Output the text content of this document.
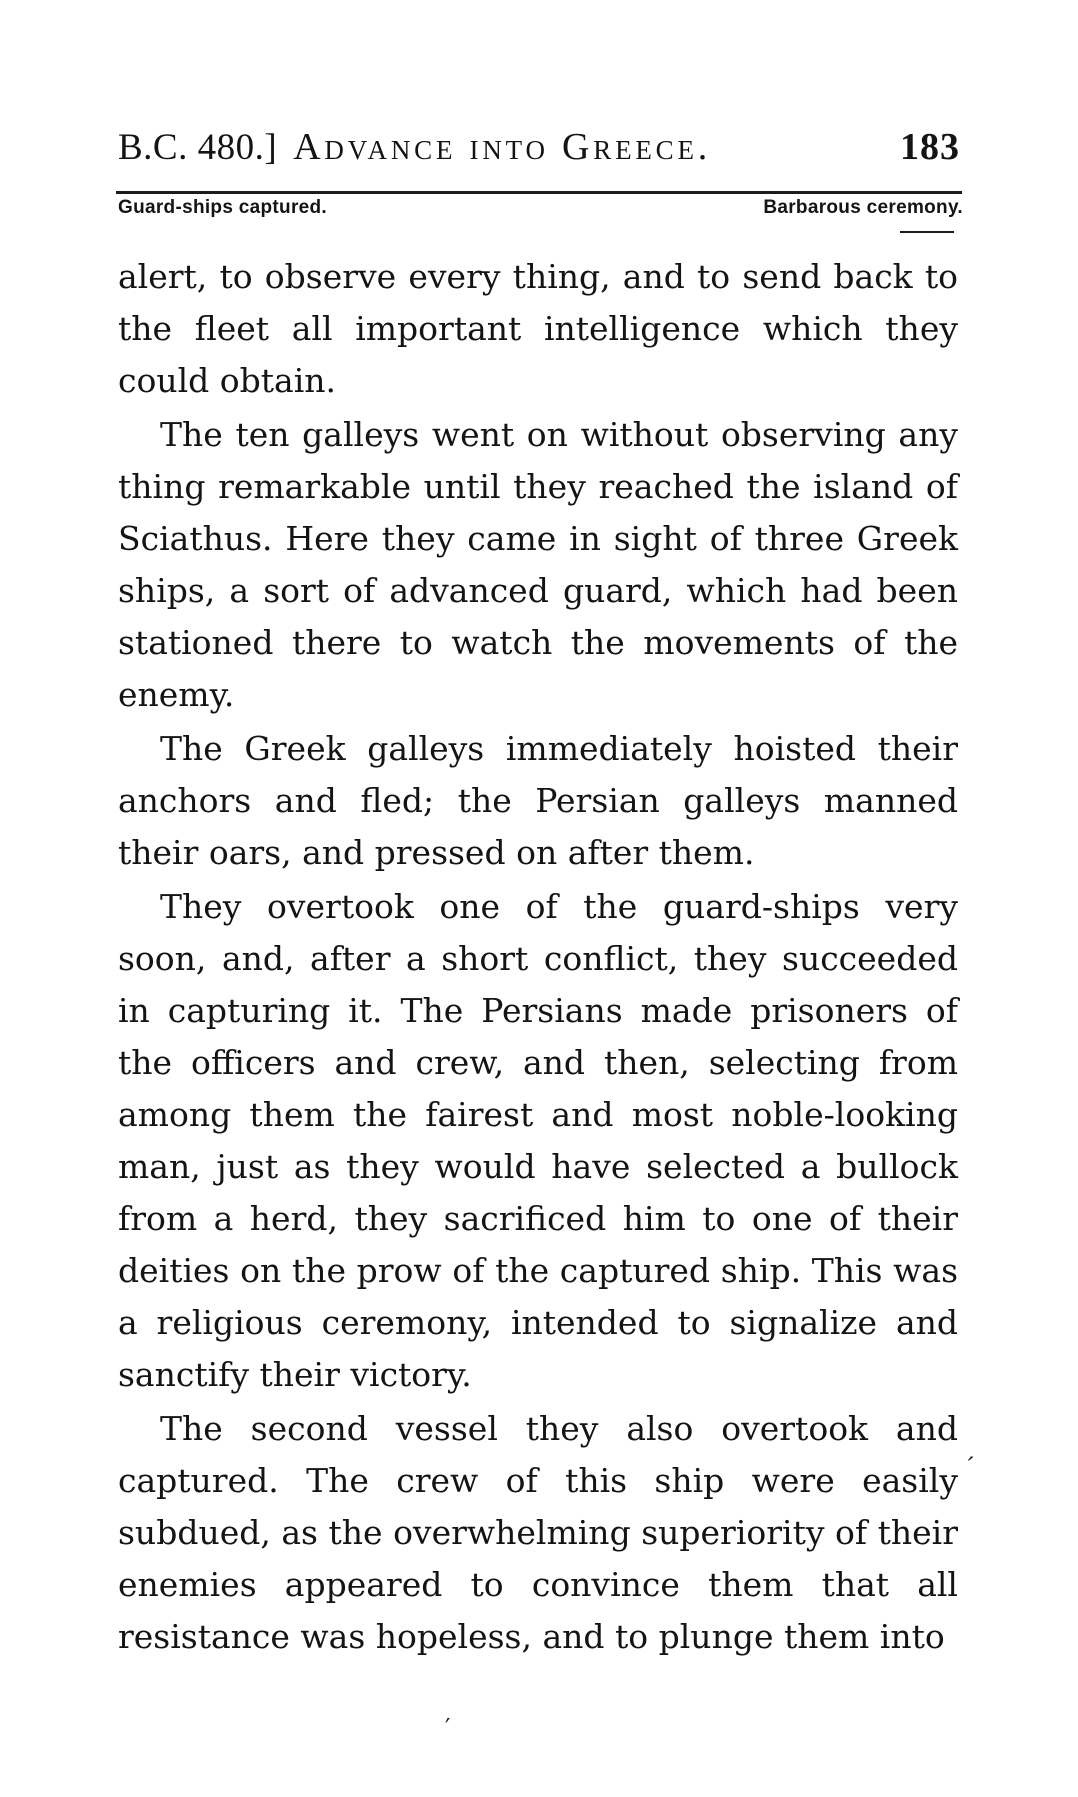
B.C. 480.] Advance into Greece.	183
Guard-ships captured.	Barbarous ceremony.

alert, to observe every thing, and to send back to the fleet all important intelligence which they could obtain.

The ten galleys went on without observing any thing remarkable until they reached the island of Sciathus. Here they came in sight of three Greek ships, a sort of advanced guard, which had been stationed there to watch the movements of the enemy.

The Greek galleys immediately hoisted their anchors and fled; the Persian galleys manned their oars, and pressed on after them.

They overtook one of the guard-ships very soon, and, after a short conflict, they succeeded in capturing it. The Persians made prisoners of the officers and crew, and then, selecting from among them the fairest and most noble-looking man, just as they would have selected a bullock from a herd, they sacrificed him to one of their deities on the prow of the captured ship. This was a religious ceremony, intended to signalize and sanctify their victory.

The second vessel they also overtook and captured. The crew of this ship were easily subdued, as the overwhelming superiority of their enemies appeared to convince them that all resistance was hopeless, and to plunge them into

′
′
